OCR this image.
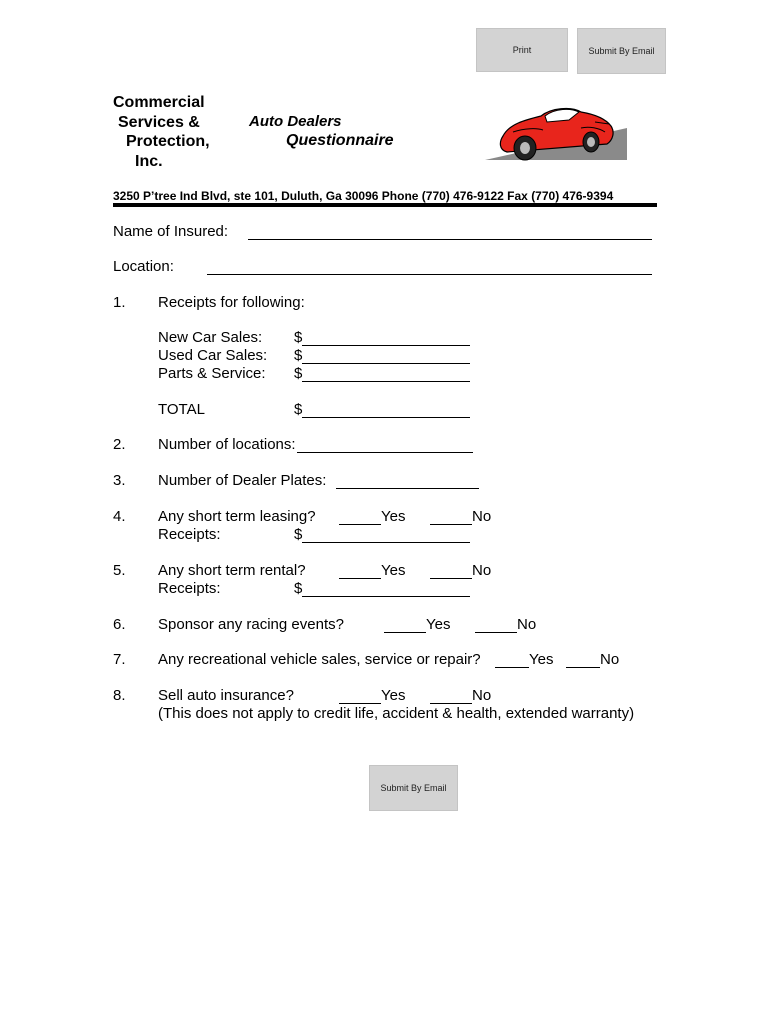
Print	Submit By Email
Commercial
Services &
Protection,
Inc.
Auto Dealers
Questionnaire
3250 P’tree Ind Blvd, ste 101, Duluth, Ga 30096 Phone (770) 476-9122 Fax (770) 476-9394
Name of Insured:
Location:
1. Receipts for following:
New Car Sales: $
Used Car Sales: $
Parts & Service: $
TOTAL	$
2. Number of locations:
3. Number of Dealer Plates:
4. Any short term leasing?	Yes	No
Receipts:	$
5. Any short term rental?	Yes	No
Receipts:	$
6. Sponsor any racing events?	Yes	No
7. Any recreational vehicle sales, service or repair?	Yes	No
8. Sell auto insurance?	Yes	No
(This does not apply to credit life, accident & health, extended warranty)
Submit By Email
